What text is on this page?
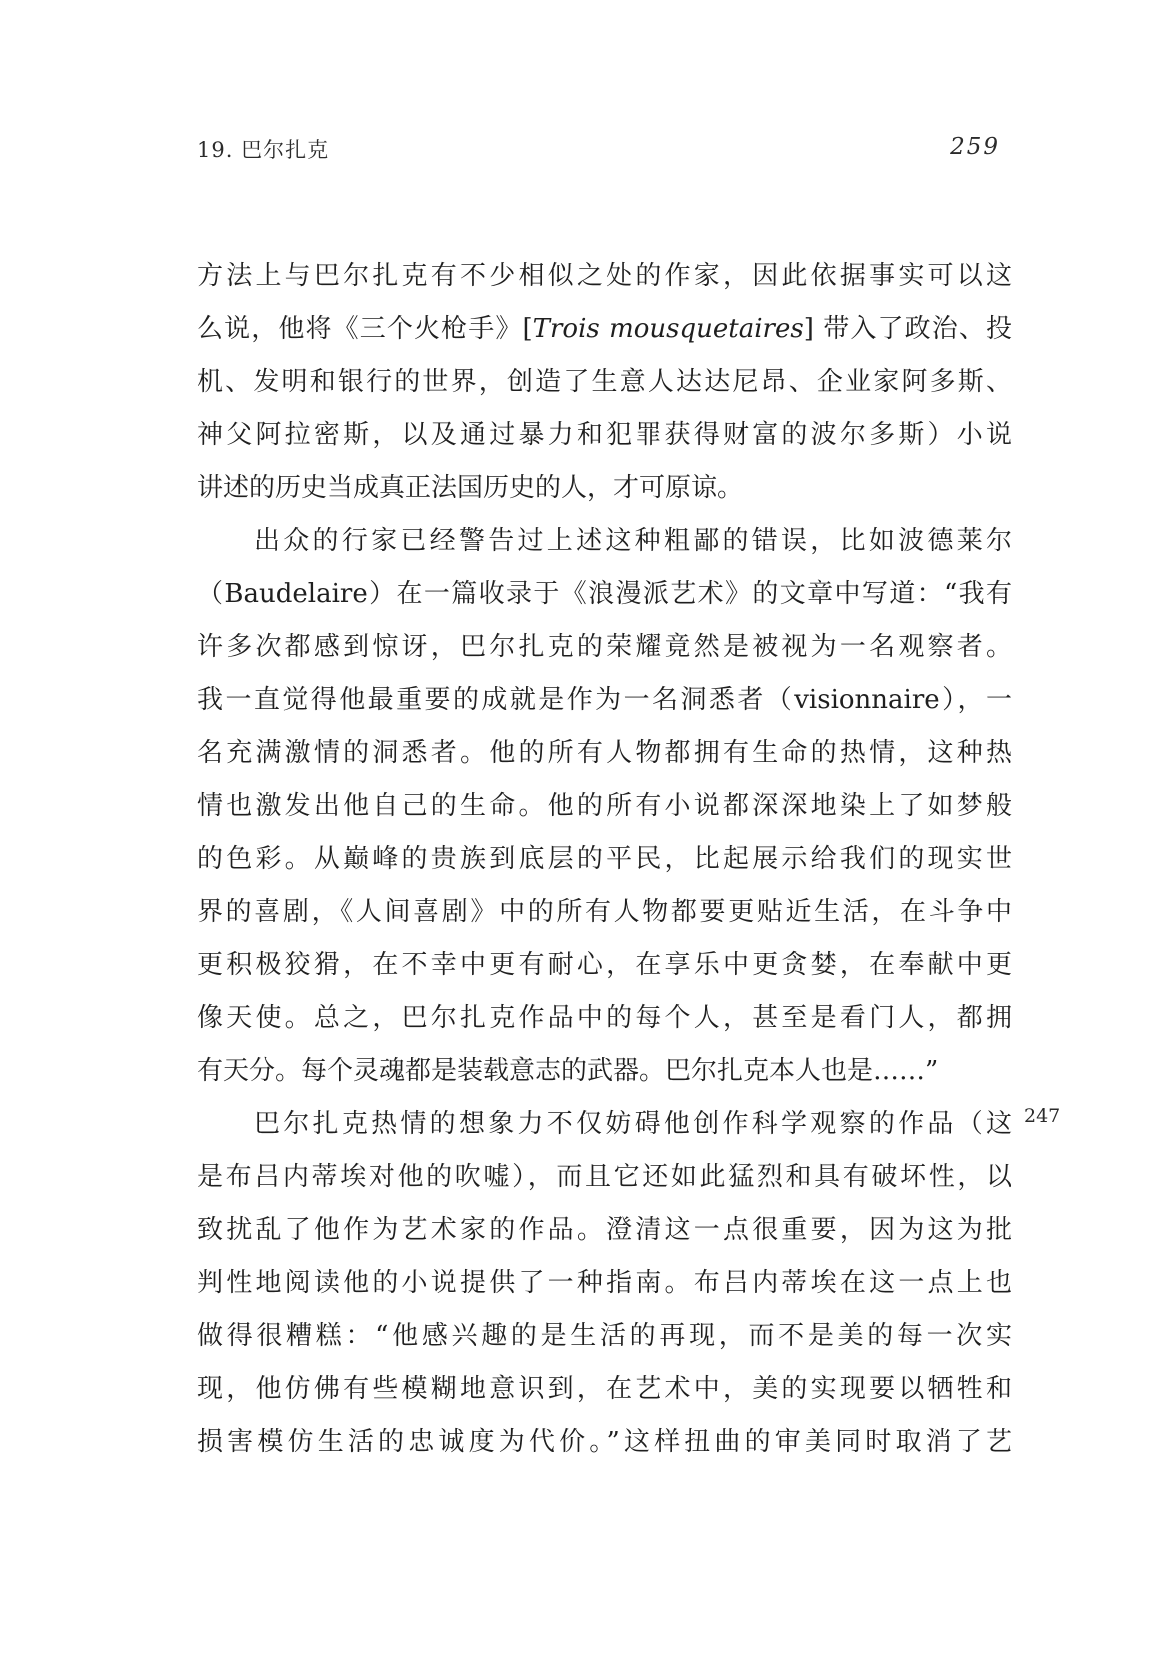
19. 巴尔扎克	259
方法上与巴尔扎克有不少相似之处的作家，因此依据事实可以这
么说，他将《三个火枪手》[Trois mousquetaires] 带入了政治、投
机、发明和银行的世界，创造了生意人达达尼昂、企业家阿多斯、
神父阿拉密斯，以及通过暴力和犯罪获得财富的波尔多斯）小说
讲述的历史当成真正法国历史的人，才可原谅。
出众的行家已经警告过上述这种粗鄙的错误，比如波德莱尔
（Baudelaire）在一篇收录于《浪漫派艺术》的文章中写道：“我有
许多次都感到惊讶，巴尔扎克的荣耀竟然是被视为一名观察者。
我一直觉得他最重要的成就是作为一名洞悉者（visionnaire），一
名充满激情的洞悉者。他的所有人物都拥有生命的热情，这种热
情也激发出他自己的生命。他的所有小说都深深地染上了如梦般
的色彩。从巅峰的贵族到底层的平民，比起展示给我们的现实世
界的喜剧，《人间喜剧》中的所有人物都要更贴近生活，在斗争中
更积极狡猾，在不幸中更有耐心，在享乐中更贪婪，在奉献中更
像天使。总之，巴尔扎克作品中的每个人，甚至是看门人，都拥
有天分。每个灵魂都是装载意志的武器。巴尔扎克本人也是……”
巴尔扎克热情的想象力不仅妨碍他创作科学观察的作品（这
是布吕内蒂埃对他的吹嘘），而且它还如此猛烈和具有破坏性，以
致扰乱了他作为艺术家的作品。澄清这一点很重要，因为这为批
判性地阅读他的小说提供了一种指南。布吕内蒂埃在这一点上也
做得很糟糕：“他感兴趣的是生活的再现，而不是美的每一次实
现，他仿佛有些模糊地意识到，在艺术中，美的实现要以牺牲和
损害模仿生活的忠诚度为代价。”这样扭曲的审美同时取消了艺
247
